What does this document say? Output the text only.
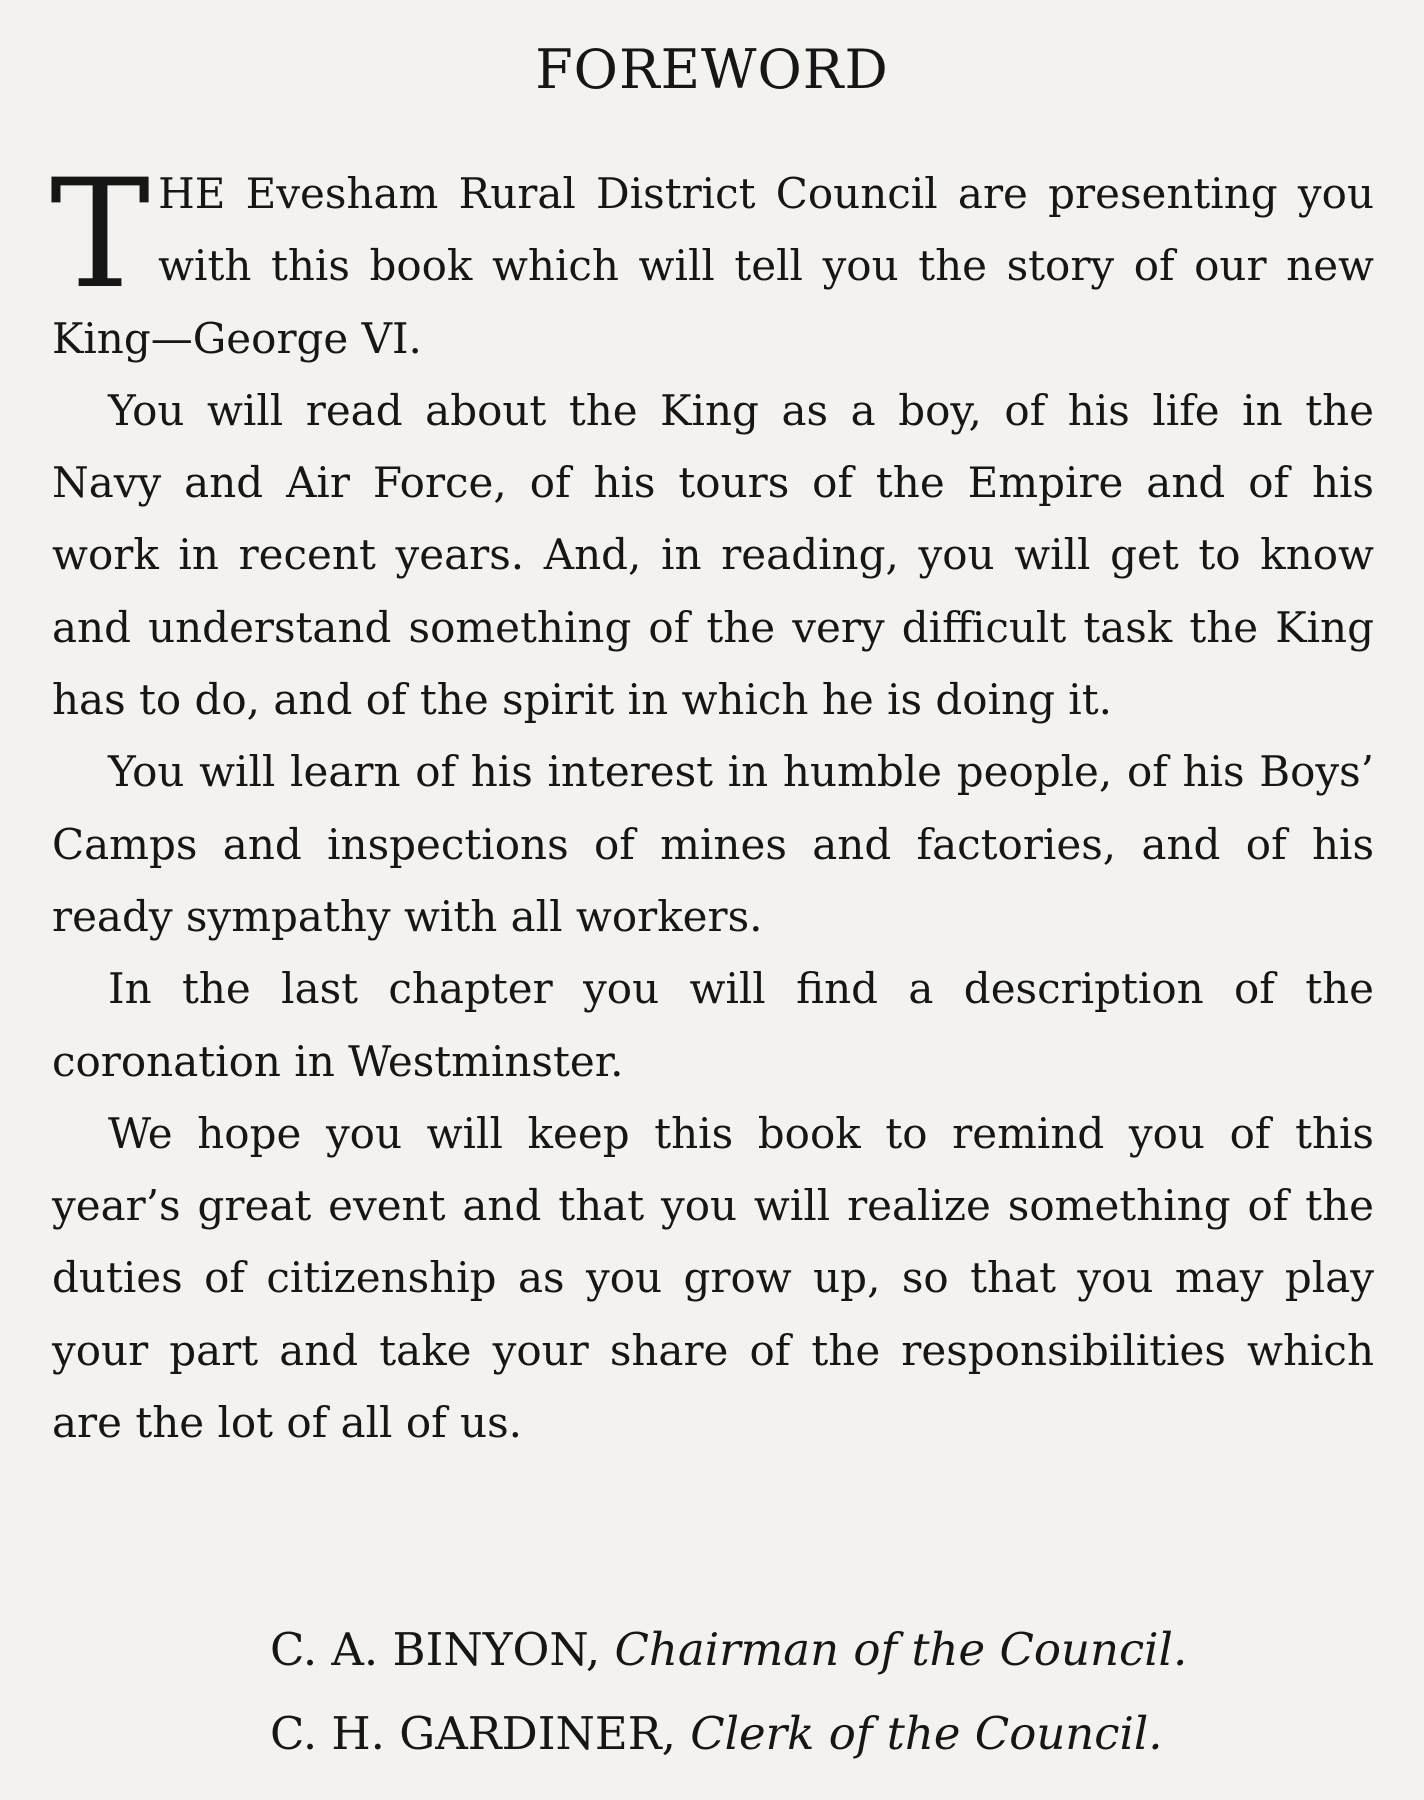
FOREWORD

THE Evesham Rural District Council are presenting you with this book which will tell you the story of our new King—George VI.

You will read about the King as a boy, of his life in the Navy and Air Force, of his tours of the Empire and of his work in recent years. And, in reading, you will get to know and understand something of the very difficult task the King has to do, and of the spirit in which he is doing it.

You will learn of his interest in humble people, of his Boys’ Camps and inspections of mines and factories, and of his ready sympathy with all workers.

In the last chapter you will find a description of the coronation in Westminster.

We hope you will keep this book to remind you of this year’s great event and that you will realize something of the duties of citizenship as you grow up, so that you may play your part and take your share of the responsibilities which are the lot of all of us.

C. A. BINYON, Chairman of the Council.
C. H. GARDINER, Clerk of the Council.
